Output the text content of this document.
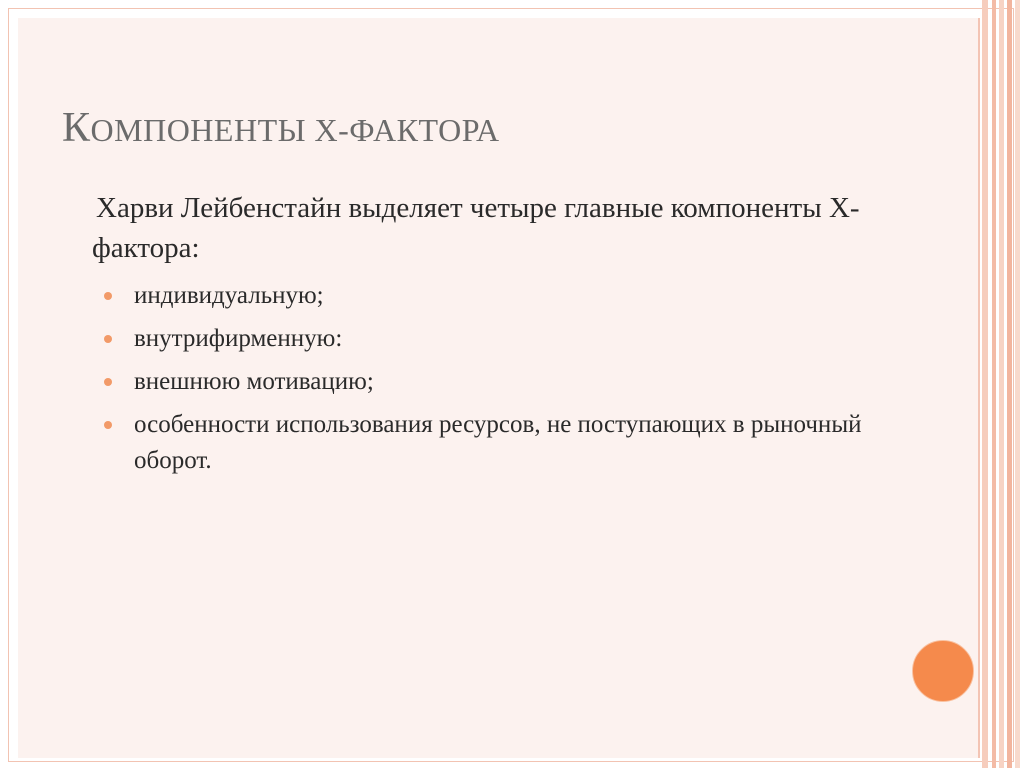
КОМПОНЕНТЫ X-ФАКТОРА
Харви Лейбенстайн выделяет четыре главные компоненты X-фактора:
индивидуальную;
внутрифирменную:
внешнюю мотивацию;
особенности использования ресурсов, не поступающих в рыночный оборот.
